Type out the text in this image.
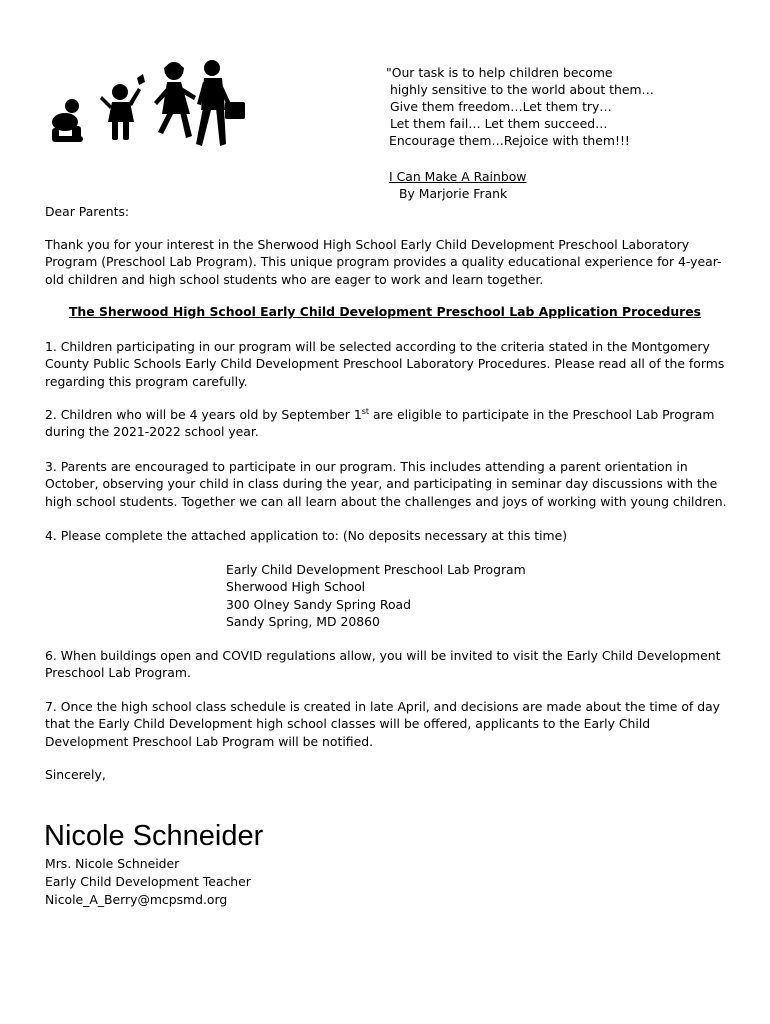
"Our task is to help children become
highly sensitive to the world about them…
Give them freedom…Let them try…
Let them fail… Let them succeed…
Encourage them…Rejoice with them!!!
I Can Make A Rainbow
By Marjorie Frank
Dear Parents:
Thank you for your interest in the Sherwood High School Early Child Development Preschool Laboratory Program (Preschool Lab Program). This unique program provides a quality educational experience for 4-year-old children and high school students who are eager to work and learn together.
The Sherwood High School Early Child Development Preschool Lab Application Procedures
1. Children participating in our program will be selected according to the criteria stated in the Montgomery County Public Schools Early Child Development Preschool Laboratory Procedures. Please read all of the forms regarding this program carefully.
2. Children who will be 4 years old by September 1st are eligible to participate in the Preschool Lab Program during the 2021-2022 school year.
3. Parents are encouraged to participate in our program. This includes attending a parent orientation in October, observing your child in class during the year, and participating in seminar day discussions with the high school students. Together we can all learn about the challenges and joys of working with young children.
4. Please complete the attached application to: (No deposits necessary at this time)
Early Child Development Preschool Lab Program
Sherwood High School
300 Olney Sandy Spring Road
Sandy Spring, MD 20860
6. When buildings open and COVID regulations allow, you will be invited to visit the Early Child Development Preschool Lab Program.
7. Once the high school class schedule is created in late April, and decisions are made about the time of day that the Early Child Development high school classes will be offered, applicants to the Early Child Development Preschool Lab Program will be notified.
Sincerely,
Nicole Schneider
Mrs. Nicole Schneider
Early Child Development Teacher
Nicole_A_Berry@mcpsmd.org
